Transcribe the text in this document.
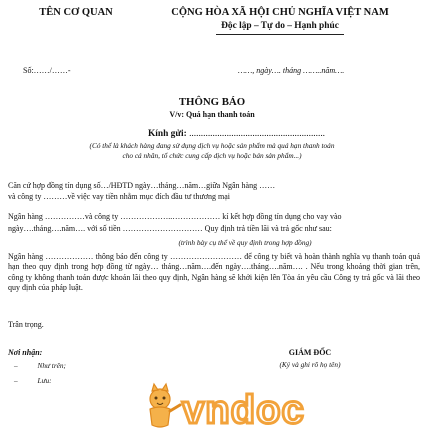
TÊN CƠ QUAN	CỘNG HÒA XÃ HỘI CHỦ NGHĨA VIỆT NAM
Độc lập – Tự do – Hạnh phúc
Số:……/……-	……, ngày…. tháng ……..năm….
THÔNG BÁO
V/v: Quá hạn thanh toán
Kính gửi: ..........................................................
(Có thể là khách hàng đang sử dụng dịch vụ hoặc sản phẩm mà quá hạn thanh toán
cho cá nhân, tổ chức cung cấp dịch vụ hoặc bán sản phẩm...)
Căn cứ hợp đồng tín dụng số…/HĐTD ngày…tháng…năm…giữa Ngân hàng ……
và công ty ………về việc vay tiền nhằm mục đích đầu tư thương mại
Ngân hàng ……………và công ty ………………..……………… kí kết hợp đồng tín dụng cho vay vào
ngày….tháng….năm…. với số tiền ………………………… Quy định trả tiền lãi và trả gốc như sau:
(trình bày cụ thể về quy định trong hợp đồng)
Ngân hàng ……………… thông báo đến công ty ……………………… để công ty biết và hoàn thành nghĩa vụ thanh toán quá hạn theo quy định trong hợp đồng từ ngày… tháng…năm….đến ngày….tháng….năm…. . Nếu trong khoảng thời gian trên, công ty không thanh toán được khoản lãi theo quy định, Ngân hàng sẽ khởi kiện lên Tòa án yêu cầu Công ty trả gốc và lãi theo quy định của pháp luật.
Trân trọng.
Nơi nhận:
–	Như trên;
–	Lưu:
GIÁM ĐỐC
(Ký và ghi rõ họ tên)
vndoc
